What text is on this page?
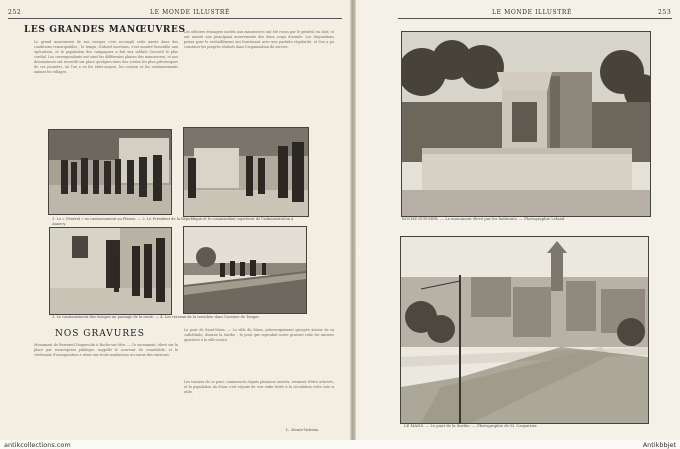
252	LE MONDE ILLUSTRÉ
LES GRANDES MANŒUVRES
Le grand mouvement de nos troupes s'est accompli cette année dans des conditions remarquables ; le temps, d'abord incertain, s'est montré favorable aux opérations, et la population des campagnes a fait aux soldats l'accueil le plus cordial. Les correspondants ont suivi les différentes phases des manœuvres, et nos dessinateurs ont recueilli sur place quelques-unes des scènes les plus pittoresques de ces journées, où l'on a vu les états-majors, les convois et les cantonnements animer les villages.
Les officiers étrangers invités aux manœuvres ont été reçus par le général en chef, et ont assisté aux principaux mouvements des deux corps d'armée. Les dispositions prises pour le ravitaillement ont fonctionné avec une parfaite régularité, et l'on a pu constater les progrès réalisés dans l'organisation du service.
1. Le « Général » en cantonnement au Plessis. — 2. Le Président de la République et le commandant supérieur de l'administration à Annecy.
3. Le cantonnement des troupes au passage de la route. — 4. Les travaux de la tranchée dans l'avenue de Tanger.
NOS GRAVURES
Monument de Bertrand Duguesclin à Roche-sur-Mer. — Ce monument, élevé sur la place par souscription publique, rappelle le souvenir du connétable, et la cérémonie d'inauguration a réuni une foule nombreuse accourue des environs.
Le pont de Saint-Mans. — La ville du Mans, pittoresquement groupée autour de sa cathédrale, domine la Sarthe ; le pont que reproduit notre gravure relie les anciens quartiers à la ville neuve.
Les travaux de ce pont, commencés depuis plusieurs années, viennent d'être achevés, et la population du Mans s'est réjouie de voir enfin livrée à la circulation cette voie si utile.
L. Denis-Valvins.
LE MONDE ILLUSTRÉ	253
ROCHE-SUR-MER. — Le monument élevé par les habitants. — Photographie Leland.
LE MANS. — Le pont de la Sarthe. — Photographie de M. Caspartier.
antikcollections.com	Antikbbjet
